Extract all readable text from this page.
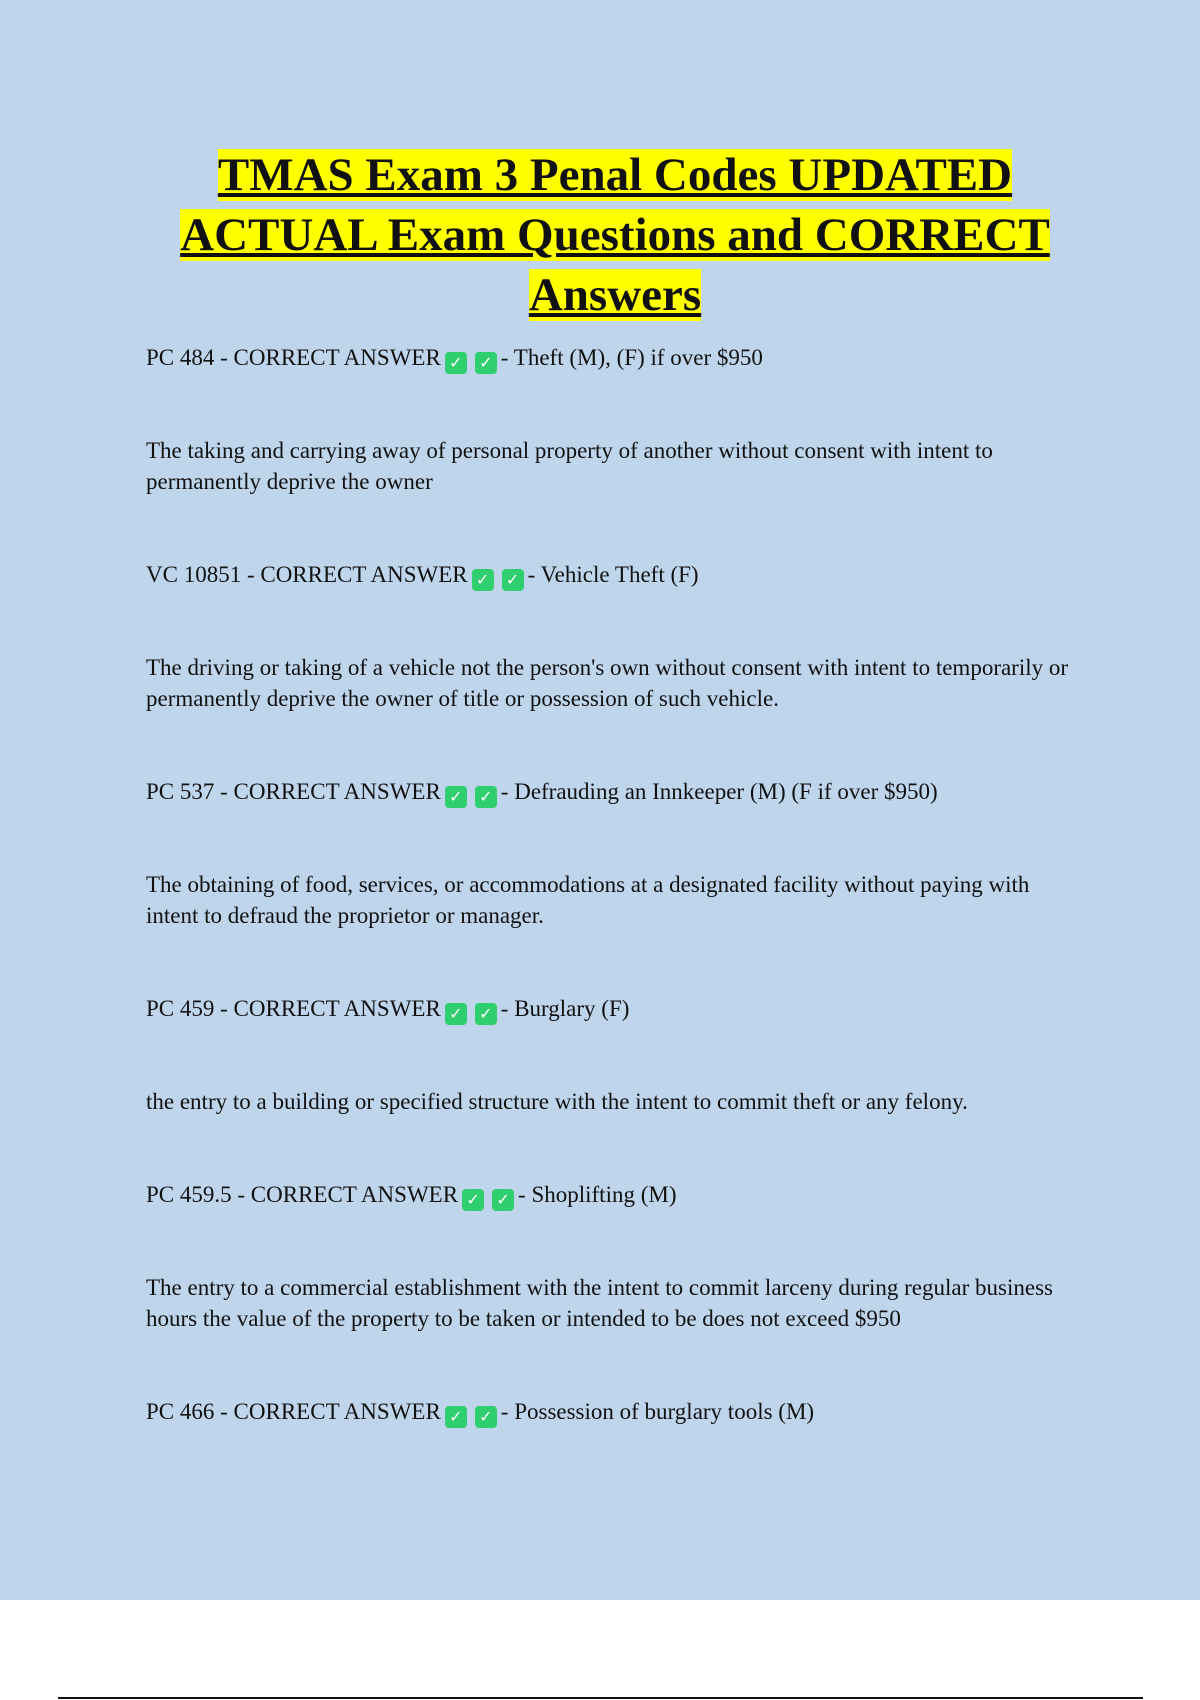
TMAS Exam 3 Penal Codes UPDATED ACTUAL Exam Questions and CORRECT Answers
PC 484 - CORRECT ANSWER ✓ ✓ - Theft (M), (F) if over $950
The taking and carrying away of personal property of another without consent with intent to permanently deprive the owner
VC 10851 - CORRECT ANSWER ✓ ✓ - Vehicle Theft (F)
The driving or taking of a vehicle not the person's own without consent with intent to temporarily or permanently deprive the owner of title or possession of such vehicle.
PC 537 - CORRECT ANSWER ✓ ✓ - Defrauding an Innkeeper (M) (F if over $950)
The obtaining of food, services, or accommodations at a designated facility without paying with intent to defraud the proprietor or manager.
PC 459 - CORRECT ANSWER ✓ ✓ - Burglary (F)
the entry to a building or specified structure with the intent to commit theft or any felony.
PC 459.5 - CORRECT ANSWER ✓ ✓ - Shoplifting (M)
The entry to a commercial establishment with the intent to commit larceny during regular business hours the value of the property to be taken or intended to be does not exceed $950
PC 466 - CORRECT ANSWER ✓ ✓ - Possession of burglary tools (M)
